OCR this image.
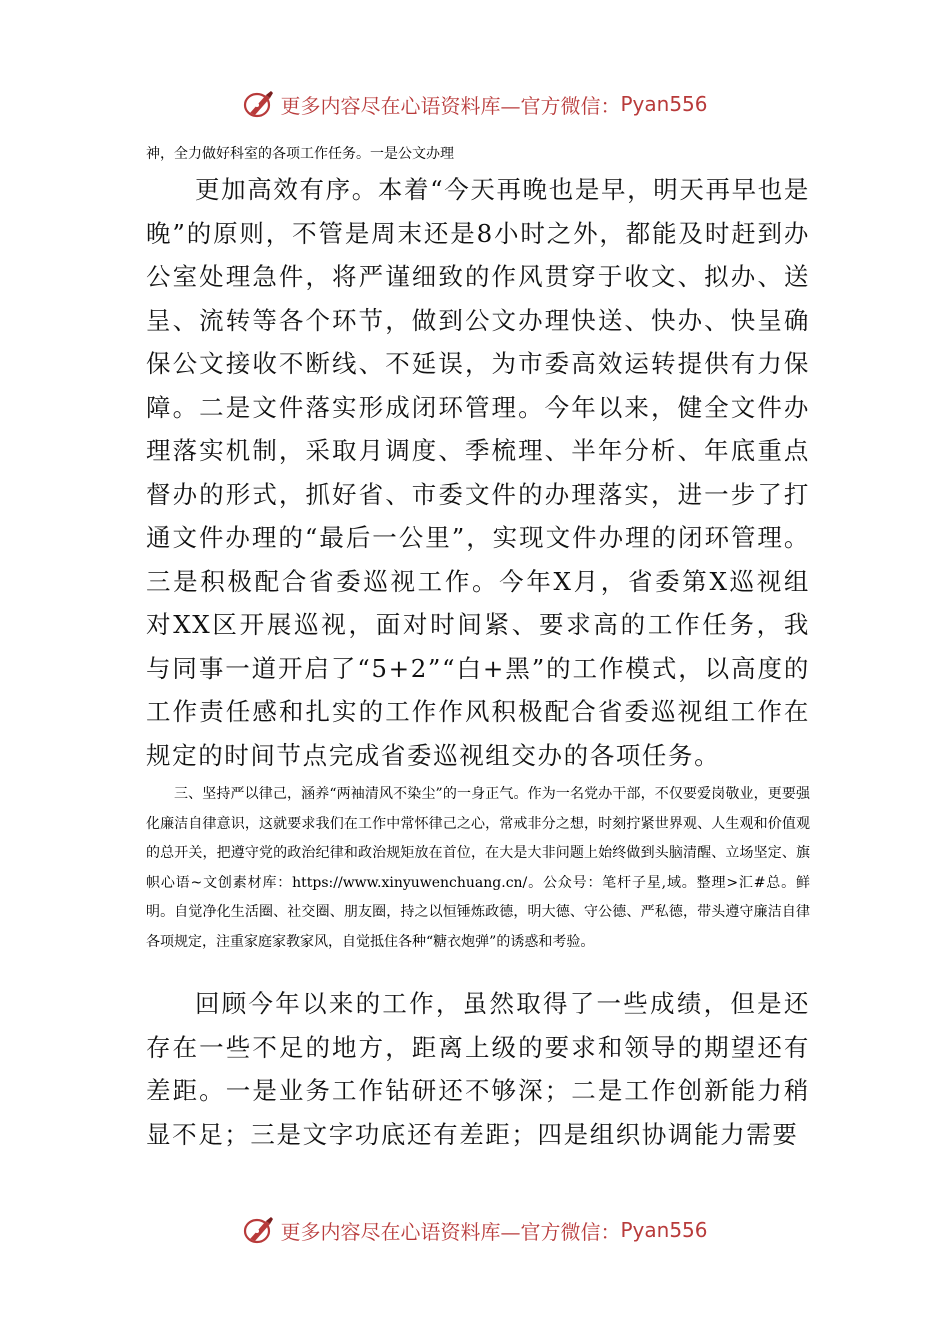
更多内容尽在心语资料库—官方微信： Pyan556
神，全力做好科室的各项工作任务。一是公文办理

更加高效有序。本着“今天再晚也是早，明天再早也是晚”的原则，不管是周末还是8小时之外，都能及时赶到办公室处理急件，将严谨细致的作风贯穿于收文、拟办、送呈、流转等各个环节，做到公文办理快送、快办、快呈确保公文接收不断线、不延误，为市委高效运转提供有力保障。二是文件落实形成闭环管理。今年以来，健全文件办理落实机制，采取月调度、季梳理、半年分析、年底重点督办的形式，抓好省、市委文件的办理落实，进一步了打通文件办理的“最后一公里”，实现文件办理的闭环管理。三是积极配合省委巡视工作。今年X月，省委第X巡视组对XX区开展巡视，面对时间紧、要求高的工作任务，我与同事一道开启了“5+2”“白+黑”的工作模式，以高度的工作责任感和扎实的工作作风积极配合省委巡视组工作在规定的时间节点完成省委巡视组交办的各项任务。

三、坚持严以律己，涵养“两袖清风不染尘”的一身正气。作为一名党办干部，不仅要爱岗敬业，更要强化廉洁自律意识，这就要求我们在工作中常怀律己之心，常戒非分之想，时刻拧紧世界观、人生观和价值观的总开关，把遵守党的政治纪律和政治规矩放在首位，在大是大非问题上始终做到头脑清醒、立场坚定、旗帜心语~文创素材库：https://www.xinyuwenchuang.cn/。公众号：笔杆子星,域。整理>汇#总。鲜明。自觉净化生活圈、社交圈、朋友圈，持之以恒锤炼政德，明大德、守公德、严私德，带头遵守廉洁自律各项规定，注重家庭家教家风，自觉抵住各种“糖衣炮弹”的诱惑和考验。

回顾今年以来的工作，虽然取得了一些成绩，但是还存在一些不足的地方，距离上级的要求和领导的期望还有差距。一是业务工作钻研还不够深；二是工作创新能力稍显不足；三是文字功底还有差距；四是组织协调能力需要

更多内容尽在心语资料库—官方微信： Pyan556
